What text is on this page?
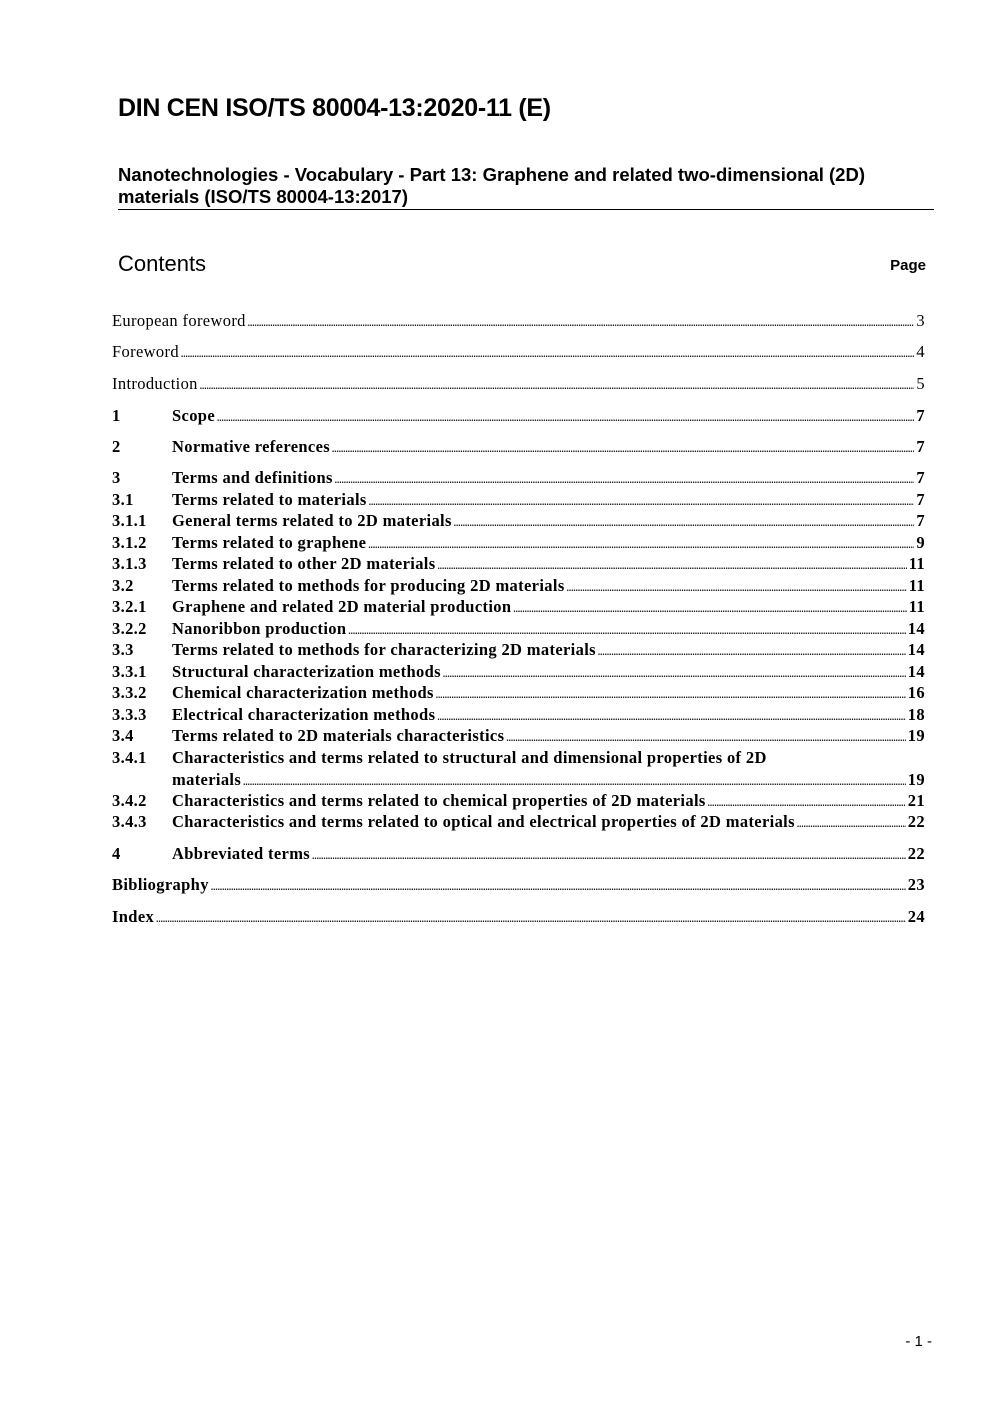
DIN CEN ISO/TS 80004-13:2020-11 (E)
Nanotechnologies - Vocabulary - Part 13: Graphene and related two-dimensional (2D) materials (ISO/TS 80004-13:2017)
Contents	Page
European foreword .....	3
Foreword .....	4
Introduction .....	5
1	Scope .....	7
2	Normative references .....	7
3	Terms and definitions .....	7
3.1	Terms related to materials .....	7
3.1.1	General terms related to 2D materials .....	7
3.1.2	Terms related to graphene .....	9
3.1.3	Terms related to other 2D materials .....	11
3.2	Terms related to methods for producing 2D materials .....	11
3.2.1	Graphene and related 2D material production .....	11
3.2.2	Nanoribbon production .....	14
3.3	Terms related to methods for characterizing 2D materials .....	14
3.3.1	Structural characterization methods .....	14
3.3.2	Chemical characterization methods .....	16
3.3.3	Electrical characterization methods .....	18
3.4	Terms related to 2D materials characteristics .....	19
3.4.1	Characteristics and terms related to structural and dimensional properties of 2D
materials .....	19
3.4.2	Characteristics and terms related to chemical properties of 2D materials .....	21
3.4.3	Characteristics and terms related to optical and electrical properties of 2D materials .....	22
4	Abbreviated terms .....	22
Bibliography .....	23
Index .....	24
- 1 -
